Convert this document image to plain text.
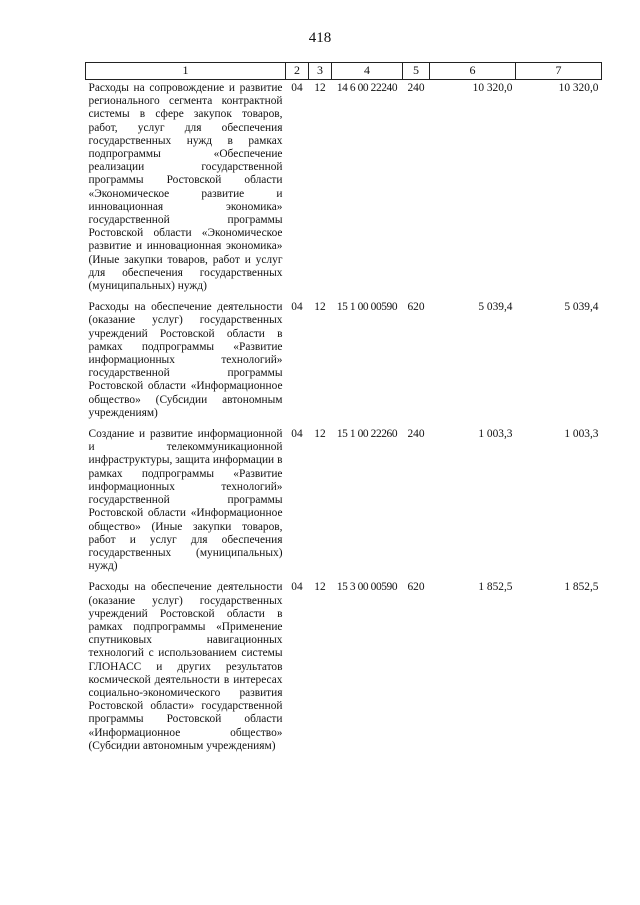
418
1	2	3	4	5	6	7
Расходы на сопровождение и развитие регионального сегмента контрактной системы в сфере закупок товаров, работ, услуг для обеспечения государственных нужд в рамках подпрограммы «Обеспечение реализации государственной программы Ростовской области «Экономическое развитие и инновационная экономика» государственной программы Ростовской области «Экономическое развитие и инновационная экономика» (Иные закупки товаров, работ и услуг для обеспечения государственных (муниципальных) нужд)	04	12	14 6 00 22240	240	10 320,0	10 320,0
Расходы на обеспечение деятельности (оказание услуг) государственных учреждений Ростовской области в рамках подпрограммы «Развитие информационных технологий» государственной программы Ростовской области «Информационное общество» (Субсидии автономным учреждениям)	04	12	15 1 00 00590	620	5 039,4	5 039,4
Создание и развитие информационной и телекоммуникационной инфраструктуры, защита информации в рамках подпрограммы «Развитие информационных технологий» государственной программы Ростовской области «Информационное общество» (Иные закупки товаров, работ и услуг для обеспечения государственных (муниципальных) нужд)	04	12	15 1 00 22260	240	1 003,3	1 003,3
Расходы на обеспечение деятельности (оказание услуг) государственных учреждений Ростовской области в рамках подпрограммы «Применение спутниковых навигационных технологий с использованием системы ГЛОНАСС и других результатов космической деятельности в интересах социально-экономического развития Ростовской области» государственной программы Ростовской области «Информационное общество» (Субсидии автономным учреждениям)	04	12	15 3 00 00590	620	1 852,5	1 852,5
